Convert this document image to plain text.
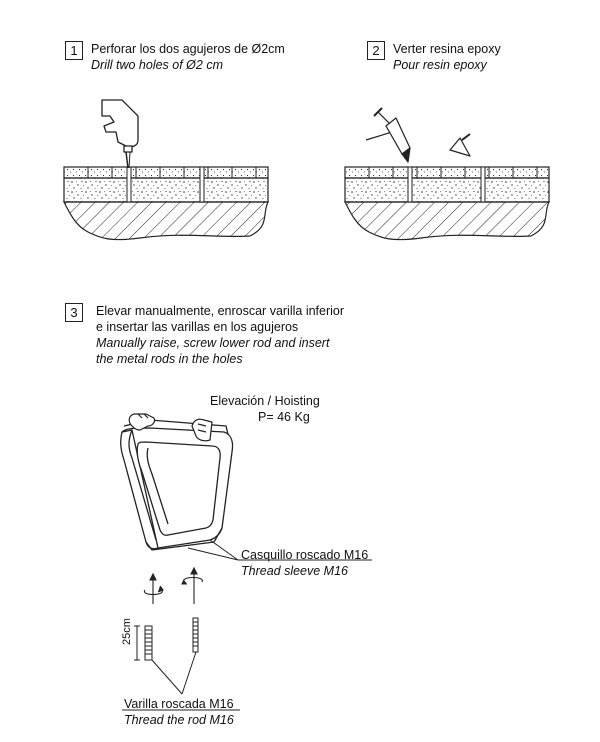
1	Perforar los dos agujeros de Ø2cm
Drill two holes of Ø2 cm
2	Verter resina epoxy
Pour resin epoxy
3	Elevar manualmente, enroscar varilla inferior
e insertar las varillas en los agujeros
Manually raise, screw lower rod and insert
the metal rods in the holes
Elevación / Hoisting
P= 46 Kg
Casquillo roscado M16
Thread sleeve M16
Varilla roscada M16
Thread the rod M16
25cm
